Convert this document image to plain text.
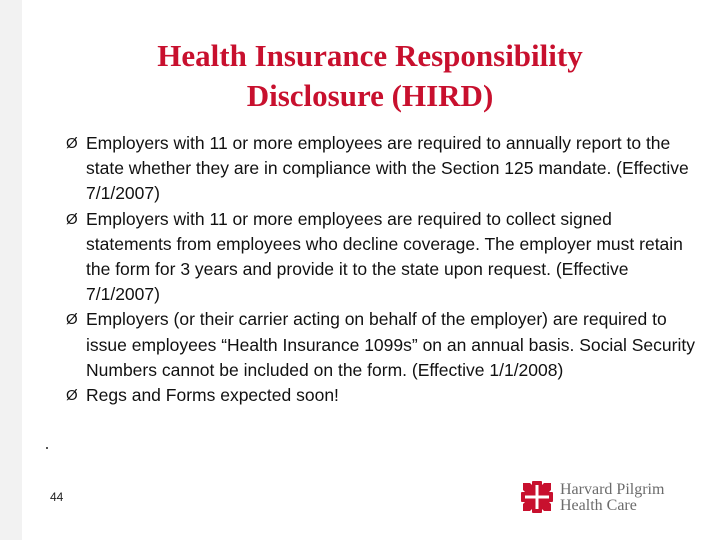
Health Insurance Responsibility
Disclosure (HIRD)
Ø Employers with 11 or more employees are required to annually report to the state whether they are in compliance with the Section 125 mandate. (Effective 7/1/2007)
Ø Employers with 11 or more employees are required to collect signed statements from employees who decline coverage. The employer must retain the form for 3 years and provide it to the state upon request. (Effective 7/1/2007)
Ø Employers (or their carrier acting on behalf of the employer) are required to issue employees “Health Insurance 1099s” on an annual basis. Social Security Numbers cannot be included on the form. (Effective 1/1/2008)
Ø Regs and Forms expected soon!
44	Harvard Pilgrim
Health Care
